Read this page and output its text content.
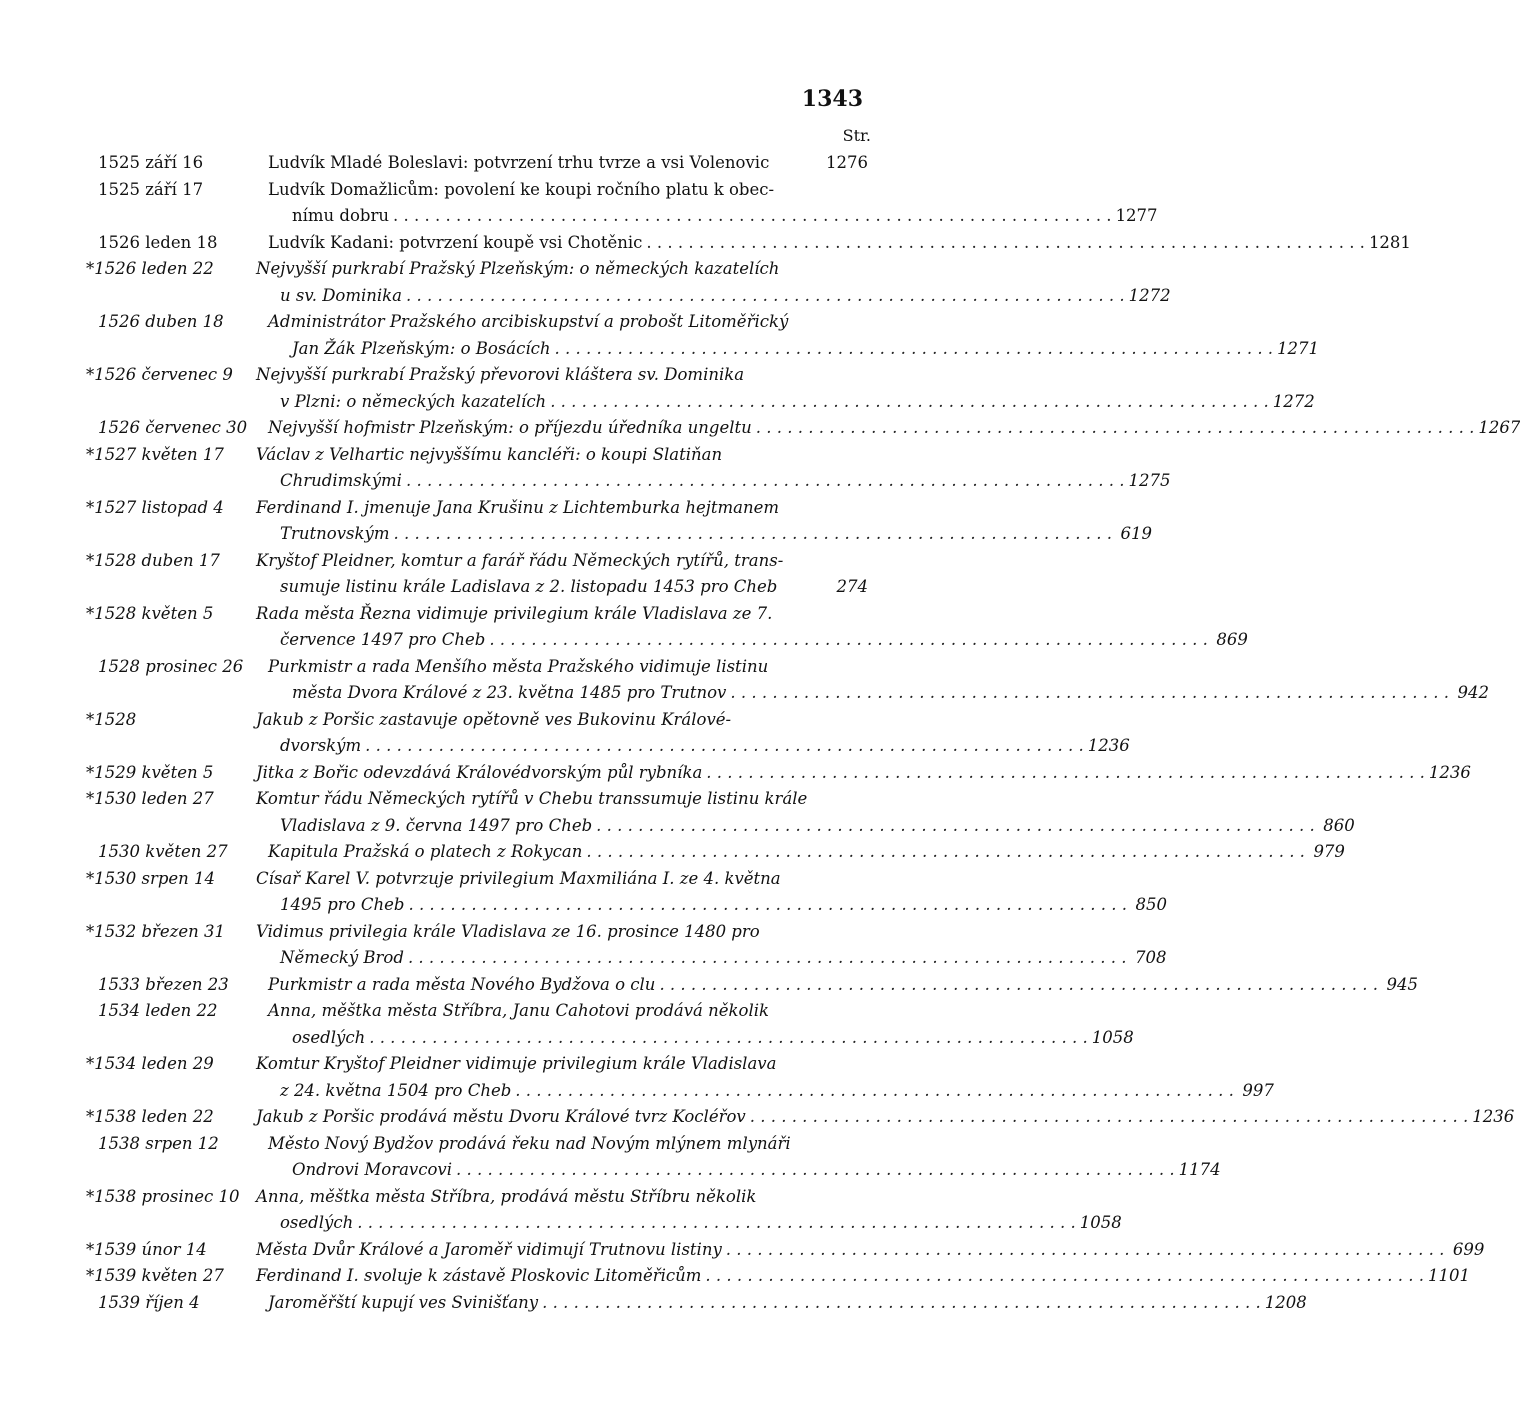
1343
Str.
1525 září 16	Ludvík Mladé Boleslavi: potvrzení trhu tvrze a vsi Volenovic	1276
1525 září 17	Ludvík Domažlicům: povolení ke koupi ročního platu k obec-
nímu dobru . . .	1277
1526 leden 18	Ludvík Kadani: potvrzení koupě vsi Chotěnic . . .	1281
*1526 leden 22	Nejvyšší purkrabí Pražský Plzeňským: o německých kazatelích
u sv. Dominika . . .	1272
1526 duben 18	Administrátor Pražského arcibiskupství a probošt Litoměřický
Jan Žák Plzeňským: o Bosácích . . .	1271
*1526 červenec 9	Nejvyšší purkrabí Pražský převorovi kláštera sv. Dominika
v Plzni: o německých kazatelích . . .	1272
1526 červenec 30	Nejvyšší hofmistr Plzeňským: o příjezdu úředníka ungeltu . . .	1267
*1527 květen 17	Václav z Velhartic nejvyššímu kancléři: o koupi Slatiňan
Chrudimskými . . .	1275
*1527 listopad 4	Ferdinand I. jmenuje Jana Krušinu z Lichtemburka hejtmanem
Trutnovským . . .	619
*1528 duben 17	Kryštof Pleidner, komtur a farář řádu Německých rytířů, trans-
sumuje listinu krále Ladislava z 2. listopadu 1453 pro Cheb	274
*1528 květen 5	Rada města Řezna vidimuje privilegium krále Vladislava ze 7.
července 1497 pro Cheb . . .	869
1528 prosinec 26	Purkmistr a rada Menšího města Pražského vidimuje listinu
města Dvora Králové z 23. května 1485 pro Trutnov . . .	942
*1528	Jakub z Poršic zastavuje opětovně ves Bukovinu Králové-
dvorským . . .	1236
*1529 květen 5	Jitka z Bořic odevzdává Královédvorským půl rybníka . . .	1236
*1530 leden 27	Komtur řádu Německých rytířů v Chebu transsumuje listinu krále
Vladislava z 9. června 1497 pro Cheb . . .	860
1530 květen 27	Kapitula Pražská o platech z Rokycan . . .	979
*1530 srpen 14	Císař Karel V. potvrzuje privilegium Maxmiliána I. ze 4. května
1495 pro Cheb . . .	850
*1532 březen 31	Vidimus privilegia krále Vladislava ze 16. prosince 1480 pro
Německý Brod . . .	708
1533 březen 23	Purkmistr a rada města Nového Bydžova o clu . . .	945
1534 leden 22	Anna, měštka města Stříbra, Janu Cahotovi prodává několik
osedlých . . .	1058
*1534 leden 29	Komtur Kryštof Pleidner vidimuje privilegium krále Vladislava
z 24. května 1504 pro Cheb . . .	997
*1538 leden 22	Jakub z Poršic prodává městu Dvoru Králové tvrz Kocléřov . . .	1236
1538 srpen 12	Město Nový Bydžov prodává řeku nad Novým mlýnem mlynáři
Ondrovi Moravcovi . . .	1174
*1538 prosinec 10	Anna, měštka města Stříbra, prodává městu Stříbru několik
osedlých . . .	1058
*1539 únor 14	Města Dvůr Králové a Jaroměř vidimují Trutnovu listiny . . .	699
*1539 květen 27	Ferdinand I. svoluje k zástavě Ploskovic Litoměřicům . . .	1101
1539 říjen 4	Jaroměřští kupují ves Svinišťany . . .	1208
